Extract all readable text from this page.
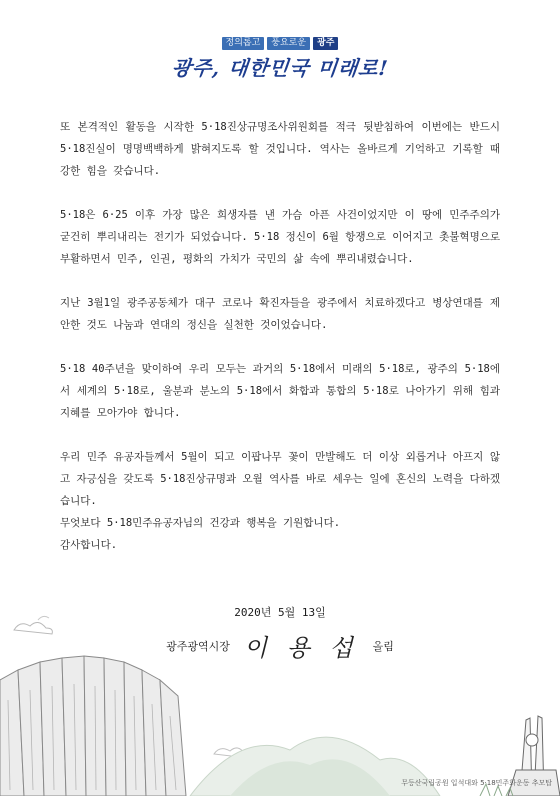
정의롭고	풍요로운	광주
광주, 대한민국 미래로!

또 본격적인 활동을 시작한 5·18진상규명조사위원회를 적극 뒷받침하여 이번에는 반드시 5·18진실이 명명백백하게 밝혀지도록 할 것입니다. 역사는 올바르게 기억하고 기록할 때 강한 힘을 갖습니다.

5·18은 6·25 이후 가장 많은 희생자를 낸 가슴 아픈 사건이었지만 이 땅에 민주주의가 굳건히 뿌리내리는 전기가 되었습니다. 5·18 정신이 6월 항쟁으로 이어지고 촛불혁명으로 부활하면서 민주, 인권, 평화의 가치가 국민의 삶 속에 뿌리내렸습니다.

지난 3월1일 광주공동체가 대구 코로나 확진자들을 광주에서 치료하겠다고 병상연대를 제안한 것도 나눔과 연대의 정신을 실천한 것이었습니다.

5·18 40주년을 맞이하여 우리 모두는 과거의 5·18에서 미래의 5·18로, 광주의 5·18에서 세계의 5·18로, 울분과 분노의 5·18에서 화합과 통합의 5·18로 나아가기 위해 힘과 지혜를 모아가야 합니다.

우리 민주 유공자들께서 5월이 되고 이팝나무 꽃이 만발해도 더 이상 외롭거나 아프지 않고 자긍심을 갖도록 5·18진상규명과 오월 역사를 바로 세우는 일에 혼신의 노력을 다하겠습니다.

무엇보다 5·18민주유공자님의 건강과 행복을 기원합니다.

감사합니다.

2020년 5월 13일
광주광역시장 이 용 섭 올림
무등산국립공원 입석대와 5·18민주화운동 추모탑
